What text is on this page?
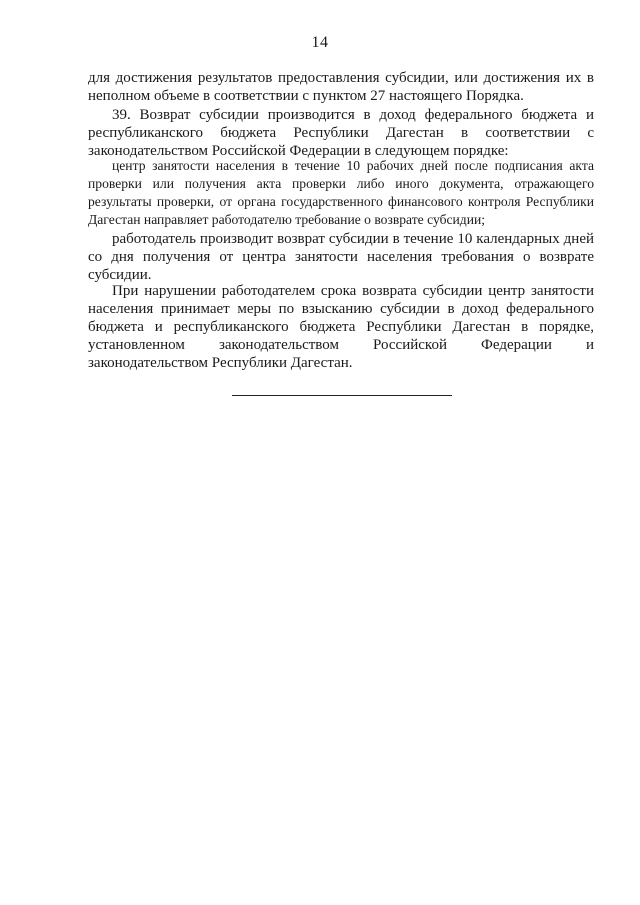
14

для достижения результатов предоставления субсидии, или достижения их в неполном объеме в соответствии с пунктом 27 настоящего Порядка.

39. Возврат субсидии производится в доход федерального бюджета и республиканского бюджета Республики Дагестан в соответствии с законодательством Российской Федерации в следующем порядке:

центр занятости населения в течение 10 рабочих дней после подписания акта проверки или получения акта проверки либо иного документа, отражающего результаты проверки, от органа государственного финансового контроля Республики Дагестан направляет работодателю требование о возврате субсидии;

работодатель производит возврат субсидии в течение 10 календарных дней со дня получения от центра занятости населения требования о возврате субсидии.

При нарушении работодателем срока возврата субсидии центр занятости населения принимает меры по взысканию субсидии в доход федерального бюджета и республиканского бюджета Республики Дагестан в порядке, установленном законодательством Российской Федерации и законодательством Республики Дагестан.
